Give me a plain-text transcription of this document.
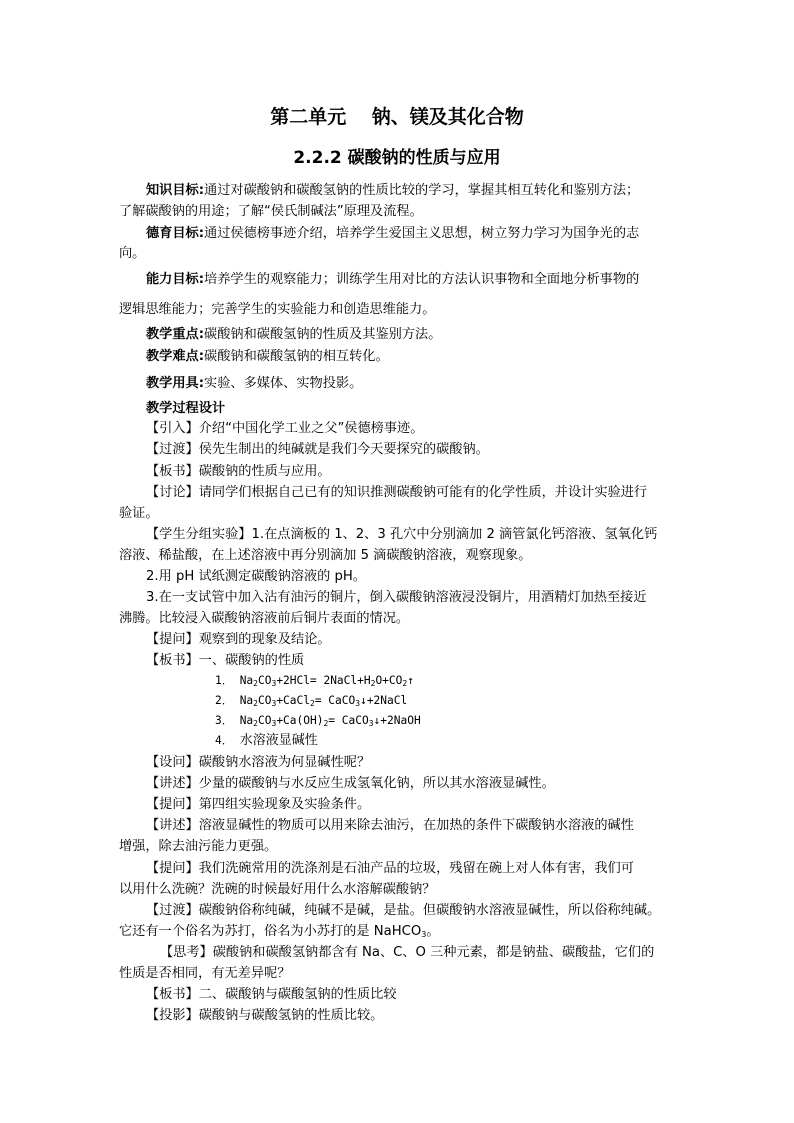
第二单元　 钠、镁及其化合物
2.2.2 碳酸钠的性质与应用
知识目标:通过对碳酸钠和碳酸氢钠的性质比较的学习，掌握其相互转化和鉴别方法；
了解碳酸钠的用途；了解“侯氏制碱法”原理及流程。
德育目标:通过侯德榜事迹介绍，培养学生爱国主义思想，树立努力学习为国争光的志
向。
能力目标:培养学生的观察能力；训练学生用对比的方法认识事物和全面地分析事物的
逻辑思维能力；完善学生的实验能力和创造思维能力。
教学重点:碳酸钠和碳酸氢钠的性质及其鉴别方法。
教学难点:碳酸钠和碳酸氢钠的相互转化。
教学用具:实验、多媒体、实物投影。
教学过程设计
【引入】介绍“中国化学工业之父”侯德榜事迹。
【过渡】侯先生制出的纯碱就是我们今天要探究的碳酸钠。
【板书】碳酸钠的性质与应用。
【讨论】请同学们根据自己已有的知识推测碳酸钠可能有的化学性质，并设计实验进行
验证。
【学生分组实验】1.在点滴板的 1、2、3 孔穴中分别滴加 2 滴管氯化钙溶液、氢氧化钙
溶液、稀盐酸，在上述溶液中再分别滴加 5 滴碳酸钠溶液，观察现象。
2.用 pH 试纸测定碳酸钠溶液的 pH。
3.在一支试管中加入沾有油污的铜片，倒入碳酸钠溶液浸没铜片，用酒精灯加热至接近
沸腾。比较浸入碳酸钠溶液前后铜片表面的情况。
【提问】观察到的现象及结论。
【板书】一、碳酸钠的性质
1． $Na_2CO_3+2HCl=$ $2NaCl+H_2O+CO_2↑$
2． $Na_2CO_3+CaCl_2=$ CaCO$_3$↓+2NaCl
3． $Na_2CO_3+Ca(OH)_2=$ CaCO$_3$↓+2NaOH
4． 水溶液显碱性
【设问】碳酸钠水溶液为何显碱性呢？
【讲述】少量的碳酸钠与水反应生成氢氧化钠，所以其水溶液显碱性。
【提问】第四组实验现象及实验条件。
【讲述】溶液显碱性的物质可以用来除去油污，在加热的条件下碳酸钠水溶液的碱性
增强，除去油污能力更强。
【提问】我们洗碗常用的洗涤剂是石油产品的垃圾，残留在碗上对人体有害，我们可
以用什么洗碗？洗碗的时候最好用什么水溶解碳酸钠？
【过渡】碳酸钠俗称纯碱，纯碱不是碱，是盐。但碳酸钠水溶液显碱性，所以俗称纯碱。
它还有一个俗名为苏打，俗名为小苏打的是 NaHCO$_3$。
【思考】碳酸钠和碳酸氢钠都含有 Na、C、O 三种元素，都是钠盐、碳酸盐，它们的
性质是否相同，有无差异呢？
【板书】二、碳酸钠与碳酸氢钠的性质比较
【投影】碳酸钠与碳酸氢钠的性质比较。
